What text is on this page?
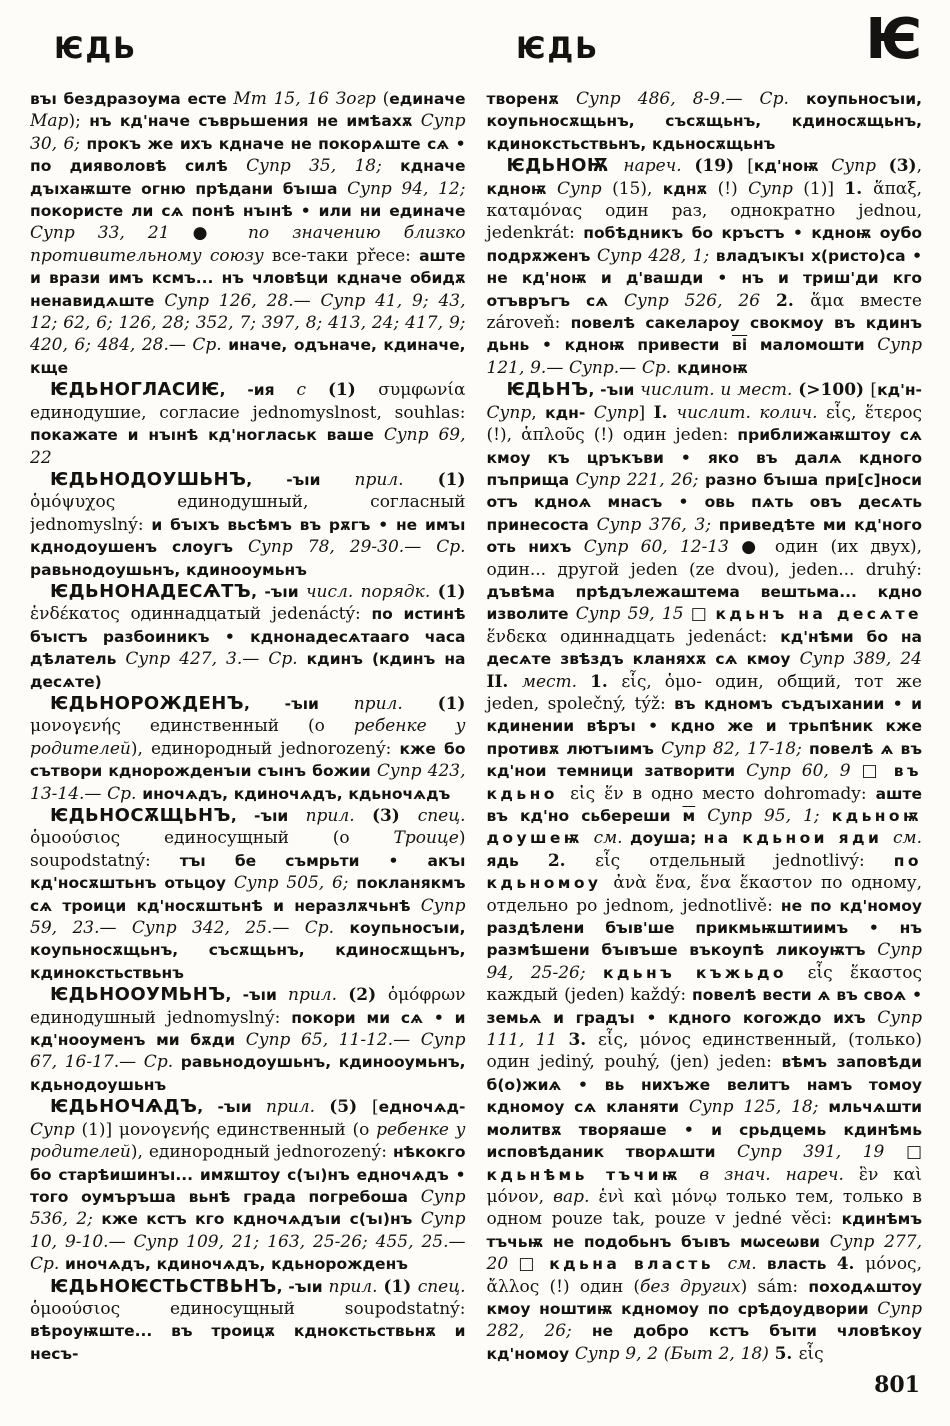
ѤДЬ	ѤДЬ	Ѥ

въı бездразоума есте Мт 15, 16 Зогр (единаче Мар); нъ кд'наче съврьшения не имѣахѫ Супр 30, 6; прокъ же ихъ кдначе не покорѧште сѧ • по дияволовѣ силѣ Супр 35, 18; кдначе дъıхаѭште огню прѣдани бъıша Супр 94, 12; покористе ли сѧ понѣ нъıнѣ • или ни единаче Супр 33, 21 ● по значению близко противительному союзу все-таки přece: аште и врази имъ ксмъ... нъ чловѣци кдначе обидѫ ненавидѧште Супр 126, 28.— Супр 41, 9; 43, 12; 62, 6; 126, 28; 352, 7; 397, 8; 413, 24; 417, 9; 420, 6; 484, 28.— Ср. иначе, одъначе, кдиначе, кще

ѤДЬНОГЛАСИѤ, -ия с (1) συμφωνία единодушие, согласие jednomyslnost, souhlas: покажате и нъıнѣ кд'ногласьк ваше Супр 69, 22

ѤДЬНОДОУШЬНЪ, -ъıи прил. (1) ὁμόψυχος единодушный, согласный jednomyslný: и бъıхъ вьсѣмъ въ рѫгъ • не имъı кднодоушенъ слоугъ Супр 78, 29-30.— Ср. равьнодоушьнъ, кдинооумьнъ

ѤДЬНОНАДЕСѦТЪ, -ъıи числ. порядк. (1) ἑνδέκατος одиннадцатый jedenáctý: по истинѣ бъıстъ разбоиникъ • кднонадесѧтааго часа дѣлатель Супр 427, 3.— Ср. кдинъ (кдинъ на десѧте)

ѤДЬНОРОЖДЕНЪ, -ъıи прил. (1) μονογενής единственный (о ребенке у родителей), единородный jednorozený: кже бо сътвори кднорожденъıи съıнъ божии Супр 423, 13-14.— Ср. иночѧдъ, кдиночѧдъ, кдьночѧдъ

ѤДЬНОСѪЩЬНЪ, -ъıи прил. (3) спец. ὁμοούσιος единосущный (о Троице) soupodstatný: тъı бе съмрьти • акъı кд'носѫштьнъ отьцоу Супр 505, 6; покланякмъ сѧ троици кд'носѫштьнѣ и неразлѫчьнѣ Супр 59, 23.— Супр 342, 25.— Ср. коупьносъıи, коупьносѫщьнъ, съсѫщьнъ, кдиносѫщьнъ, кдинокстьствьнъ

ѤДЬНООУМЬНЪ, -ъıи прил. (2) ὁμόφρων единодушный jednomyslný: покори ми сѧ • и кд'нооуменъ ми бѫди Супр 65, 11-12.— Супр 67, 16-17.— Ср. равьнодоушьнъ, кдинооумьнъ, кдьнодоушьнъ

ѤДЬНОЧѦДЪ, -ъıи прил. (5) [едночѧд- Супр (1)] μονογενής единственный (о ребенке у родителей), единородный jednorozený: нѣкокго бо старѣишинъı... имѫштоу с(ъı)нъ едночѧдъ • того оумъръша вьнѣ града погребоша Супр 536, 2; кже кстъ кго кдночѧдъıи с(ъı)нъ Супр 10, 9-10.— Супр 109, 21; 163, 25-26; 455, 25.— Ср. иночѧдъ, кдиночѧдъ, кдьнорожденъ

ѤДЬНОѤСТЬСТВЬНЪ, -ъıи прил. (1) спец. ὁμοούσιος единосущный soupodstatný: вѣроуѭште... въ троицѫ кднокстьствьнѫ и несъ-

творенѫ Супр 486, 8-9.— Ср. коупьносъıи, коупьносѫщьнъ, съсѫщьнъ, кдиносѫщьнъ, кдинокстьствьнъ, кдьносѫщьнъ

ѤДЬНОѬ нареч. (19) [кд'ноѭ Супр (3), кдноѭ Супр (15), кднѫ (!) Супр (1)] 1. ἅπαξ, καταμόνας один раз, однократно jednou, jedenkrát: побѣдникъ бо кръстъ • кдноѭ оубо подрѫженъ Супр 428, 1; владъıкъı х(ристо)са • не кд'ноѭ и д'вашди • нъ и триш'ди кго отъвръгъ сѧ Супр 526, 26 2. ἅμα вместе zároveň: повелѣ сакелароу свокмоу въ кдинъ дьнь • кдноѭ привести ві маломошти Супр 121, 9.— Супр.— Ср. кдиноѭ

ѤДЬНЪ, -ъıи числит. и мест. (>100) [кд'н- Супр, кдн- Супр] I. числит. колич. εἷς, ἕτερος (!), ἁπλοῦς (!) один jeden: приближаѭштоу сѧ кмоу къ цръкъви • яко въ далѧ кдного пъприща Супр 221, 26; разно бъıша при[с]носи отъ кдноѧ мнасъ • овь пѧть овъ десѧть принесоста Супр 376, 3; приведѣте ми кд'ного оть нихъ Супр 60, 12-13 ● один (их двух), один... другой jeden (ze dvou), jeden... druhý: дъвѣма прѣдълежаштема вештьма... кдно изволите Супр 59, 15 □ кдьнъ на десѧте ἕνδεκα одиннадцать jedenáct: кд'нѣми бо на десѧте звѣздъ кланяхѫ сѧ кмоу Супр 389, 24 II. мест. 1. εἷς, ὁμο- один, общий, тот же jeden, společný, týž: въ кдномъ съдъıхании • и кдинении вѣръı • кдно же и трьпѣник кже противѫ лютъıимъ Супр 82, 17-18; повелѣ ѧ въ кд'нои темници затворити Супр 60, 9 □ въ кдьно εἰς ἕν в одно место dohromady: аште въ кд'но сьбереши м Супр 95, 1; кдьноѭ доушеѭ см. доуша; на кдьнои яди см. ядь 2. εἷς отдельный jednotlivý: по кдьномоу ἀνὰ ἕνα, ἕνα ἕκαστον по одному, отдельно po jednom, jednotlivě: не по кд'номоу раздѣлени бъıв'ше прикмьѭштиимъ • нъ размѣшени бъıвъше въкоупѣ ликоуѭтъ Супр 94, 25-26; кдьнъ къжьдо εἷς ἕκαστος каждый (jeden) každý: повелѣ вести ѧ въ своѧ • земьѧ и градъı • кдного когождо ихъ Супр 111, 11 3. εἷς, μόνος единственный, (только) один jediný, pouhý, (jen) jeden: вѣмъ заповѣди б(о)жиѧ • вь нихъже велитъ намъ томоу кдномоу сѧ кланяти Супр 125, 18; мльчѧшти молитвѫ творяаше • и срьдцемь кдинѣмь исповѣданик творѧшти Супр 391, 19 □ кдьнѣмь тъчиѭ в знач. нареч. ἓν καὶ μόνον, вар. ἑνὶ καὶ μόνῳ только тем, только в одном pouze tak, pouze v jedné věci: кдинѣмъ тъчьѭ не подобьнъ бъıвъ мѡсеѡви Супр 277, 20 □ кдьна власть см. власть 4. μόνος, ἄλλος (!) один (без других) sám: походѧштоу кмоу ноштиѭ кдномоу по срѣдоудвории Супр 282, 26; не добро кстъ бъıти чловѣкоу кд'номоу Супр 9, 2 (Быт 2, 18) 5. εἷς

801
